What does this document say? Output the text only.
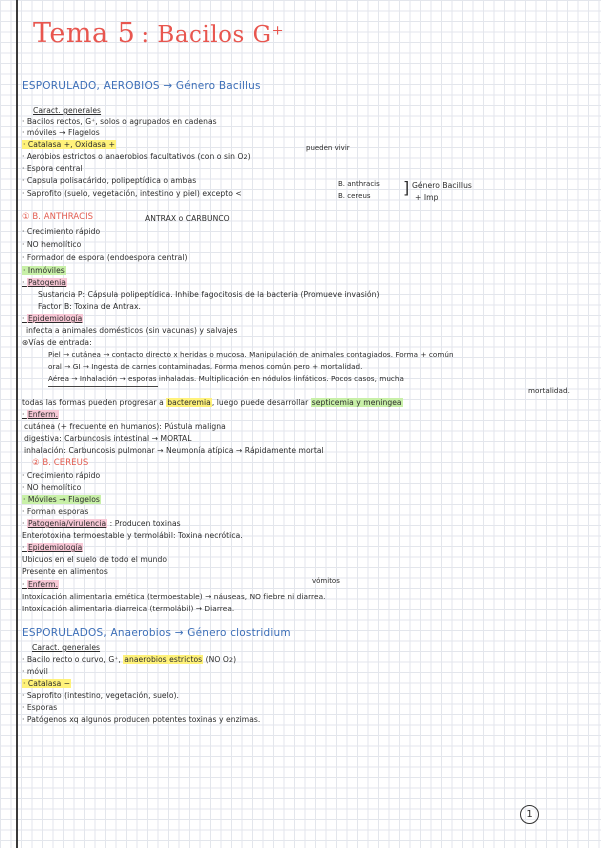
Tema 5 : Bacilos G⁺
ESPORULADO, AEROBIOS → Género Bacillus
Caract. generales
· Bacilos rectos, G⁺, solos o agrupados en cadenas
· móviles → Flagelos
· Catalasa +, Oxidasa +	pueden vivir
· Aerobios estrictos o anaerobios facultativos (con o sin O2)
· Espora central
· Capsula polisacárido, polipeptídica o ambas
· Saprofito (suelo, vegetación, intestino y piel) excepto <
B. anthracis
B. cereus ] Género Bacillus
+ Imp
① B. ANTHRACIS	ANTRAX o CARBUNCO
· Crecimiento rápido
· NO hemolítico
· Formador de espora (endoespora central)
· Inmóviles
· Patogenia
Sustancia P: Cápsula polipeptídica. Inhibe fagocitosis de la bacteria (Promueve invasión)
Factor B: Toxina de Antrax.
· Epidemiología
infecta a animales domésticos (sin vacunas) y salvajes
⊛Vías de entrada:
Piel → cutánea → contacto directo x heridas o mucosa. Manipulación de animales contagiados. Forma + común
oral → GI → Ingesta de carnes contaminadas. Forma menos común pero + mortalidad.
Aérea → Inhalación → esporas inhaladas. Multiplicación en nódulos linfáticos. Pocos casos, mucha
mortalidad.
todas las formas pueden progresar a bacteremia, luego puede desarrollar septicemia y meningea
· Enferm.
cutánea (+ frecuente en humanos): Pústula maligna
digestiva: Carbuncosis intestinal → MORTAL
inhalación: Carbuncosis pulmonar → Neumonía atípica → Rápidamente mortal
② B. CEREUS
· Crecimiento rápido
· NO hemolítico
· Móviles → Flagelos
· Forman esporas
· Patogenia/virulencia : Producen toxinas
Enterotoxina termoestable y termolábil: Toxina necrótica.
· Epidemiología
Ubicuos en el suelo de todo el mundo
Presente en alimentos
vómitos
· Enferm.
Intoxicación alimentaria emética (termoestable) → náuseas, NO fiebre ni diarrea.
Intoxicación alimentaria diarreica (termolábil) → Diarrea.
ESPORULADOS, Anaerobios → Género clostridium
Caract. generales
· Bacilo recto o curvo, G⁺, anaerobios estrictos (NO O2)
· móvil
· Catalasa −
· Saprofito (intestino, vegetación, suelo).
· Esporas
· Patógenos xq algunos producen potentes toxinas y enzimas.
1
